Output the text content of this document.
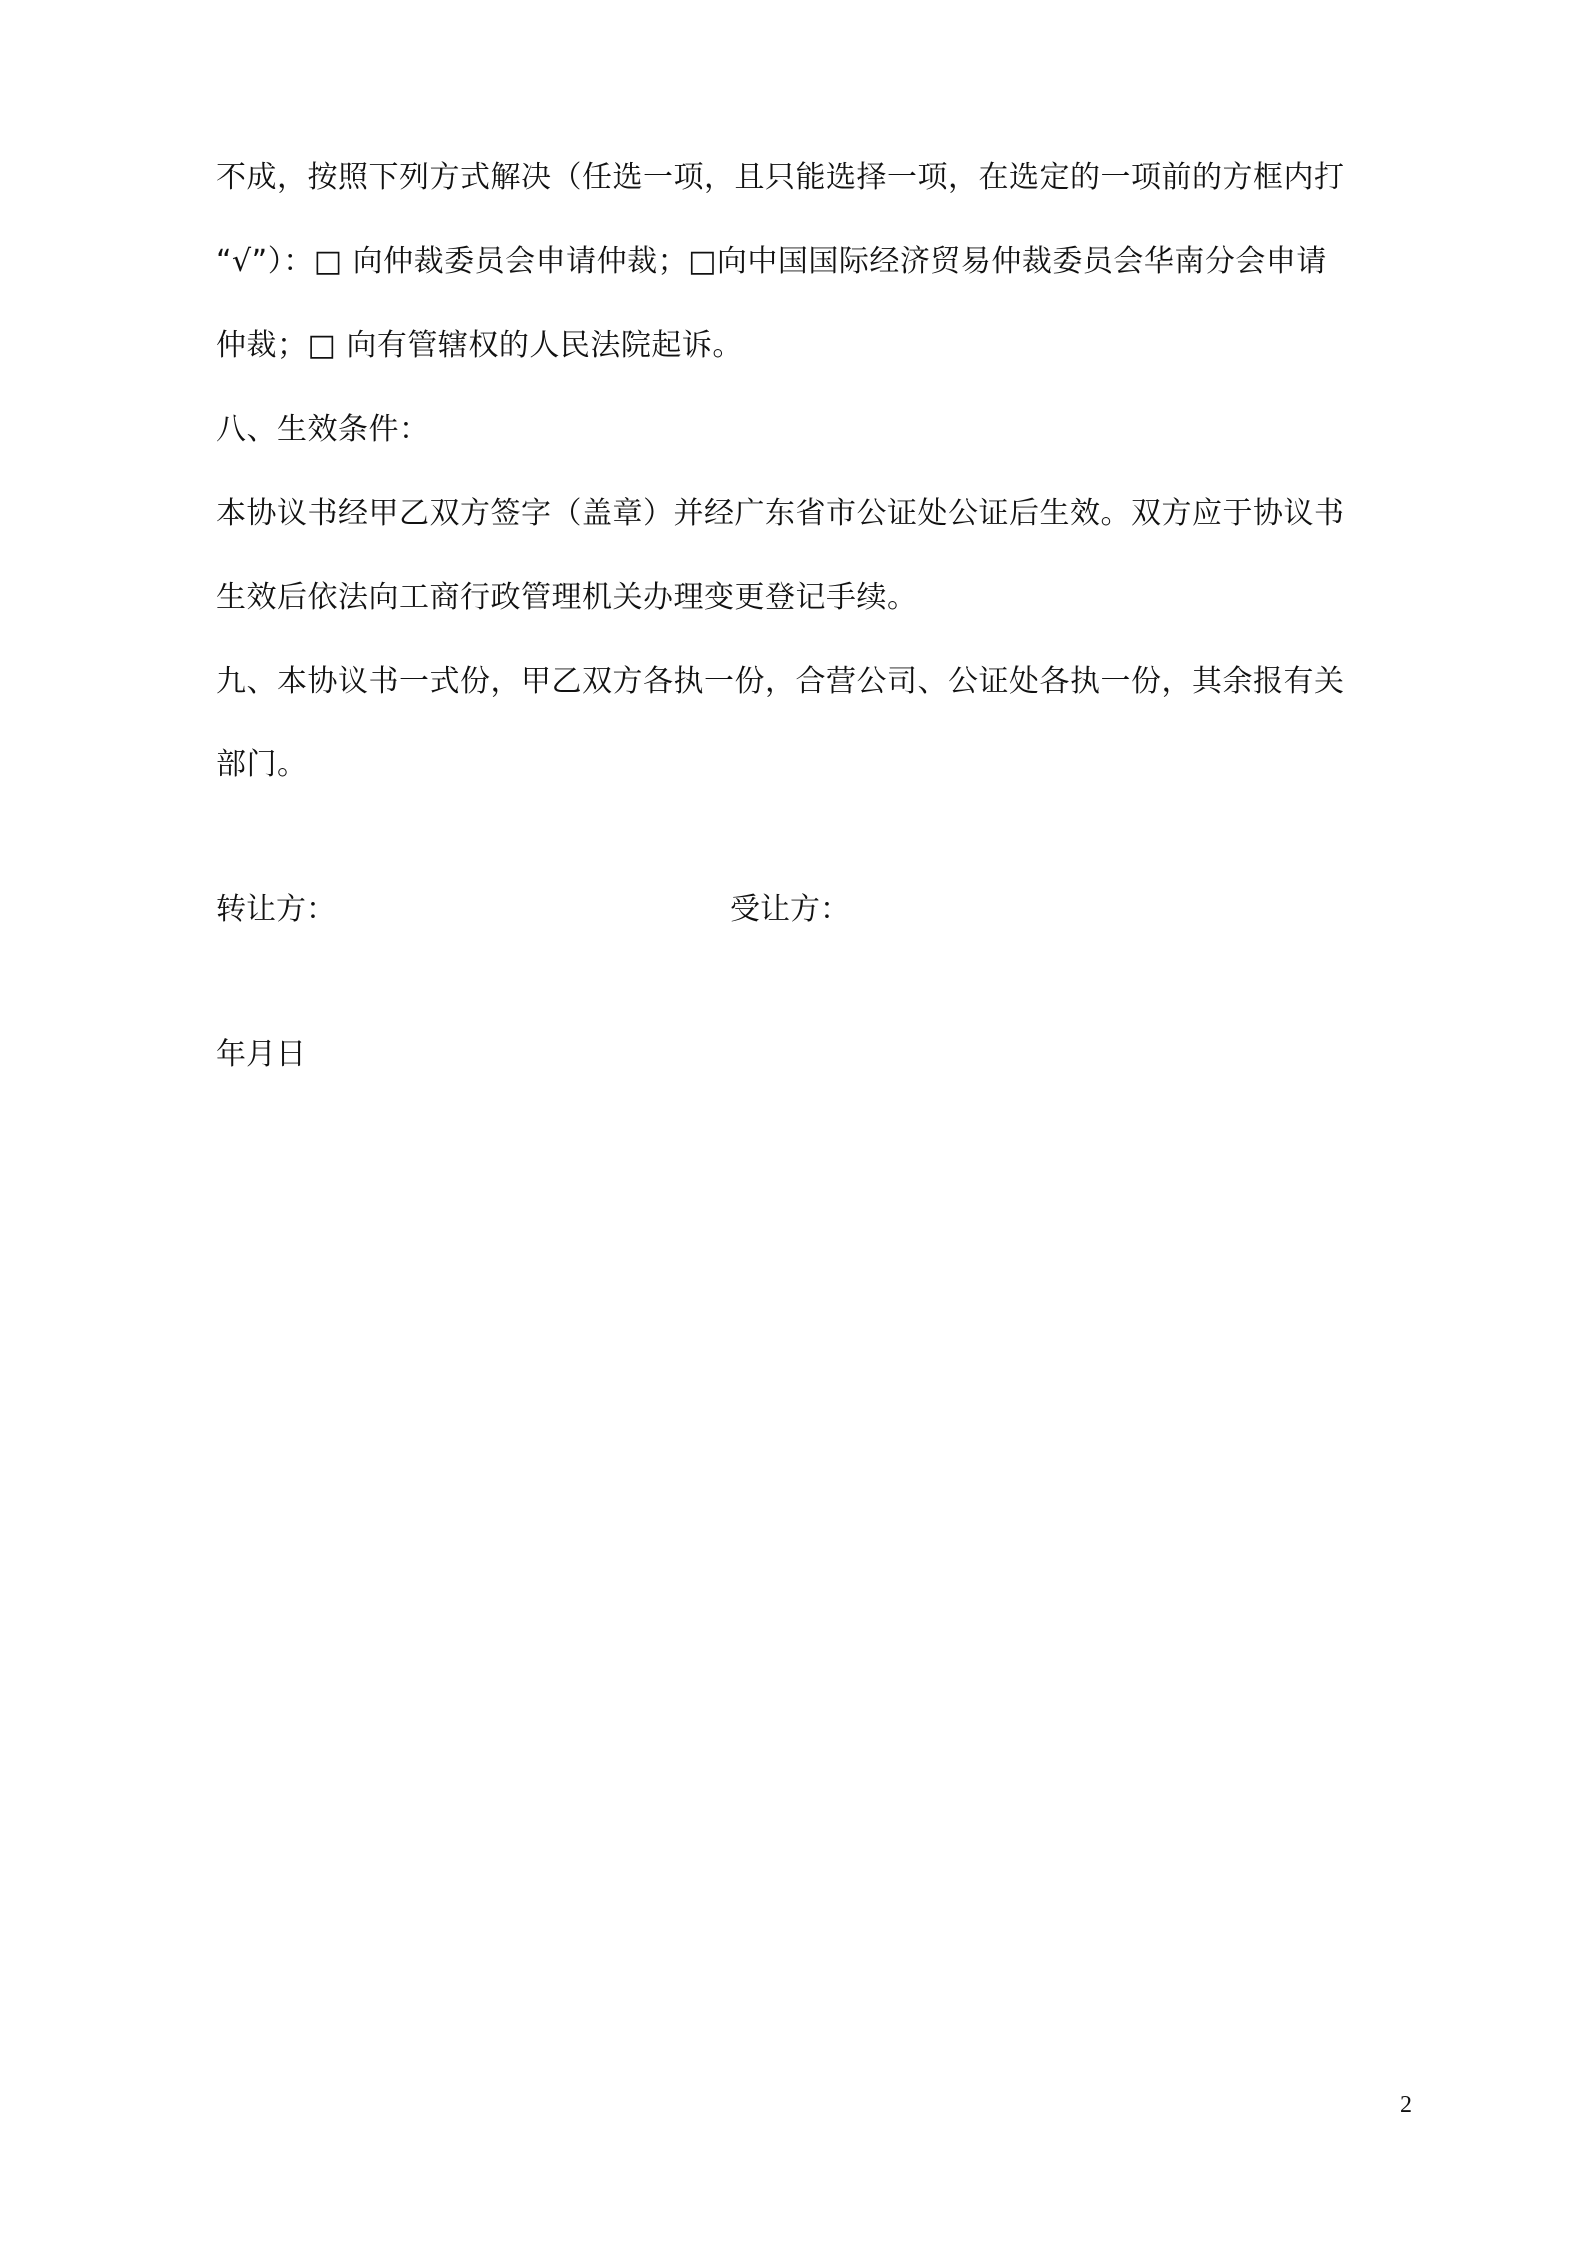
不成，按照下列方式解决（任选一项，且只能选择一项，在选定的一项前的方框内打
“√”）：□ 向仲裁委员会申请仲裁；□向中国国际经济贸易仲裁委员会华南分会申请
仲裁；□ 向有管辖权的人民法院起诉。
八、生效条件：
本协议书经甲乙双方签字（盖章）并经广东省市公证处公证后生效。双方应于协议书
生效后依法向工商行政管理机关办理变更登记手续。
九、本协议书一式份，甲乙双方各执一份，合营公司、公证处各执一份，其余报有关
部门。
转让方：	受让方：
年月日
2
